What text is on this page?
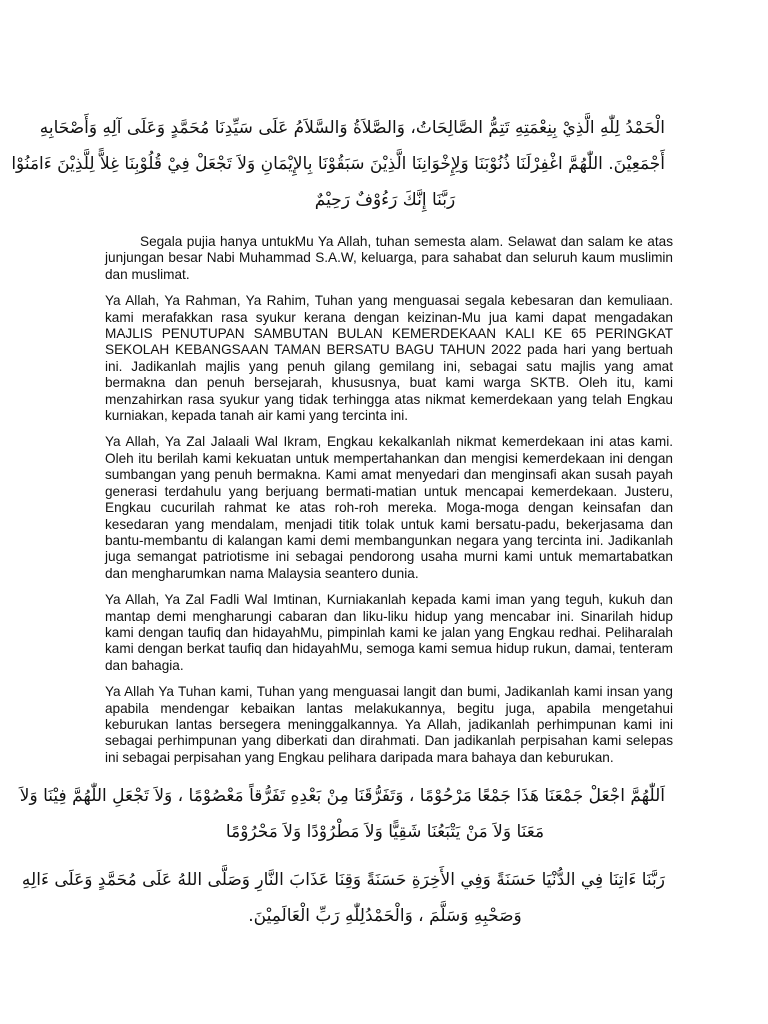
الْحَمْدُ لِلّٰهِ الَّذِيْ بِنِعْمَتِهِ تَتِمُّ الصَّالِحَاتُ، وَالصَّلاَةُ وَالسَّلاَمُ عَلَى سَيِّدِنَا مُحَمَّدٍ وَعَلَى آلِهِ وَأَصْحَابِهِ
أَجْمَعِيْنَ. اللّٰهُمَّ اغْفِرْلَنَا ذُنُوْبَنَا وَلِإِخْوَانِنَا الَّذِيْنَ سَبَقُوْنَا بِالإِيْمَانِ وَلاَ تَجْعَلْ فِيْ قُلُوْبِنَا غِلاًّ لِلَّذِيْنَ ءَامَنُوْا
رَبَّنَا إِنَّكَ رَءُوْفٌ رَحِيْمٌ

Segala pujia hanya untukMu Ya Allah, tuhan semesta alam. Selawat dan salam ke atas junjungan besar Nabi Muhammad S.A.W, keluarga, para sahabat dan seluruh kaum muslimin dan muslimat.

Ya Allah, Ya Rahman, Ya Rahim, Tuhan yang menguasai segala kebesaran dan kemuliaan. kami merafakkan rasa syukur kerana dengan keizinan-Mu jua kami dapat mengadakan MAJLIS PENUTUPAN SAMBUTAN BULAN KEMERDEKAAN KALI KE 65 PERINGKAT SEKOLAH KEBANGSAAN TAMAN BERSATU BAGU TAHUN 2022 pada hari yang bertuah ini. Jadikanlah majlis yang penuh gilang gemilang ini, sebagai satu majlis yang amat bermakna dan penuh bersejarah, khususnya, buat kami warga SKTB. Oleh itu, kami menzahirkan rasa syukur yang tidak terhingga atas nikmat kemerdekaan yang telah Engkau kurniakan, kepada tanah air kami yang tercinta ini.

Ya Allah, Ya Zal Jalaali Wal Ikram, Engkau kekalkanlah nikmat kemerdekaan ini atas kami. Oleh itu berilah kami kekuatan untuk mempertahankan dan mengisi kemerdekaan ini dengan sumbangan yang penuh bermakna. Kami amat menyedari dan menginsafi akan susah payah generasi terdahulu yang berjuang bermati-matian untuk mencapai kemerdekaan. Justeru, Engkau cucurilah rahmat ke atas roh-roh mereka. Moga-moga dengan keinsafan dan kesedaran yang mendalam, menjadi titik tolak untuk kami bersatu-padu, bekerjasama dan bantu-membantu di kalangan kami demi membangunkan negara yang tercinta ini. Jadikanlah juga semangat patriotisme ini sebagai pendorong usaha murni kami untuk memartabatkan dan mengharumkan nama Malaysia seantero dunia.

Ya Allah, Ya Zal Fadli Wal Imtinan, Kurniakanlah kepada kami iman yang teguh, kukuh dan mantap demi mengharungi cabaran dan liku-liku hidup yang mencabar ini. Sinarilah hidup kami dengan taufiq dan hidayahMu, pimpinlah kami ke jalan yang Engkau redhai. Peliharalah kami dengan berkat taufiq dan hidayahMu, semoga kami semua hidup rukun, damai, tenteram dan bahagia.

Ya Allah Ya Tuhan kami, Tuhan yang menguasai langit dan bumi, Jadikanlah kami insan yang apabila mendengar kebaikan lantas melakukannya, begitu juga, apabila mengetahui keburukan lantas bersegera meninggalkannya. Ya Allah, jadikanlah perhimpunan kami ini sebagai perhimpunan yang diberkati dan dirahmati. Dan jadikanlah perpisahan kami selepas ini sebagai perpisahan yang Engkau pelihara daripada mara bahaya dan keburukan.

اَللّٰهُمَّ اجْعَلْ جَمْعَنَا هَذَا جَمْعًا مَرْحُوْمًا ، وَتَفَرُّقَنَا مِنْ بَعْدِهِ تَفَرُّقاً مَعْصُوْمًا ، وَلاَ تَجْعَلِ اللّٰهُمَّ فِيْنَا وَلاَ
مَعَنَا وَلاَ مَنْ يَتْبَعُنَا شَقِيًّا وَلاَ مَطْرُوْدًا وَلاَ مَحْرُوْمًا
رَبَّنَا ءَاتِنَا فِي الدُّنْيَا حَسَنَةً وَفِي الأَخِرَةِ حَسَنَةً وَقِنَا عَذَابَ النَّارِ وَصَلَّى اللهُ عَلَى مُحَمَّدٍ وَعَلَى ءَالِهِ
وَصَحْبِهِ وَسَلَّمَ ، وَالْحَمْدُلِلّٰهِ رَبِّ الْعَالَمِيْنَ.
